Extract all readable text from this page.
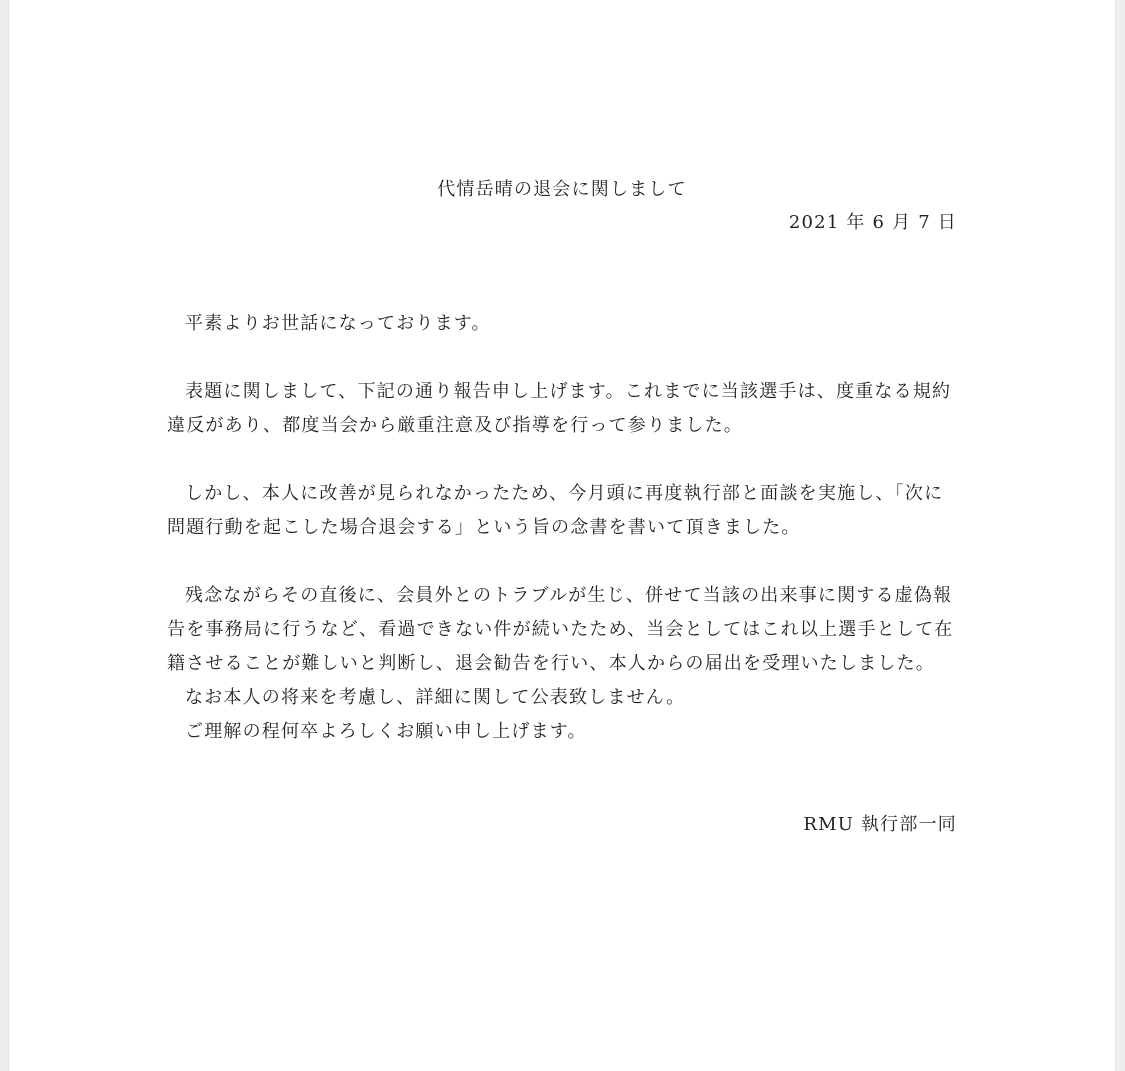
代情岳晴の退会に関しまして
2021 年 6 月 7 日
平素よりお世話になっております。
表題に関しまして、下記の通り報告申し上げます。これまでに当該選手は、度重なる規約
違反があり、都度当会から厳重注意及び指導を行って参りました。
しかし、本人に改善が見られなかったため、今月頭に再度執行部と面談を実施し、「次に
問題行動を起こした場合退会する」という旨の念書を書いて頂きました。
残念ながらその直後に、会員外とのトラブルが生じ、併せて当該の出来事に関する虚偽報
告を事務局に行うなど、看過できない件が続いたため、当会としてはこれ以上選手として在
籍させることが難しいと判断し、退会勧告を行い、本人からの届出を受理いたしました。
なお本人の将来を考慮し、詳細に関して公表致しません。
ご理解の程何卒よろしくお願い申し上げます。
RMU 執行部一同
